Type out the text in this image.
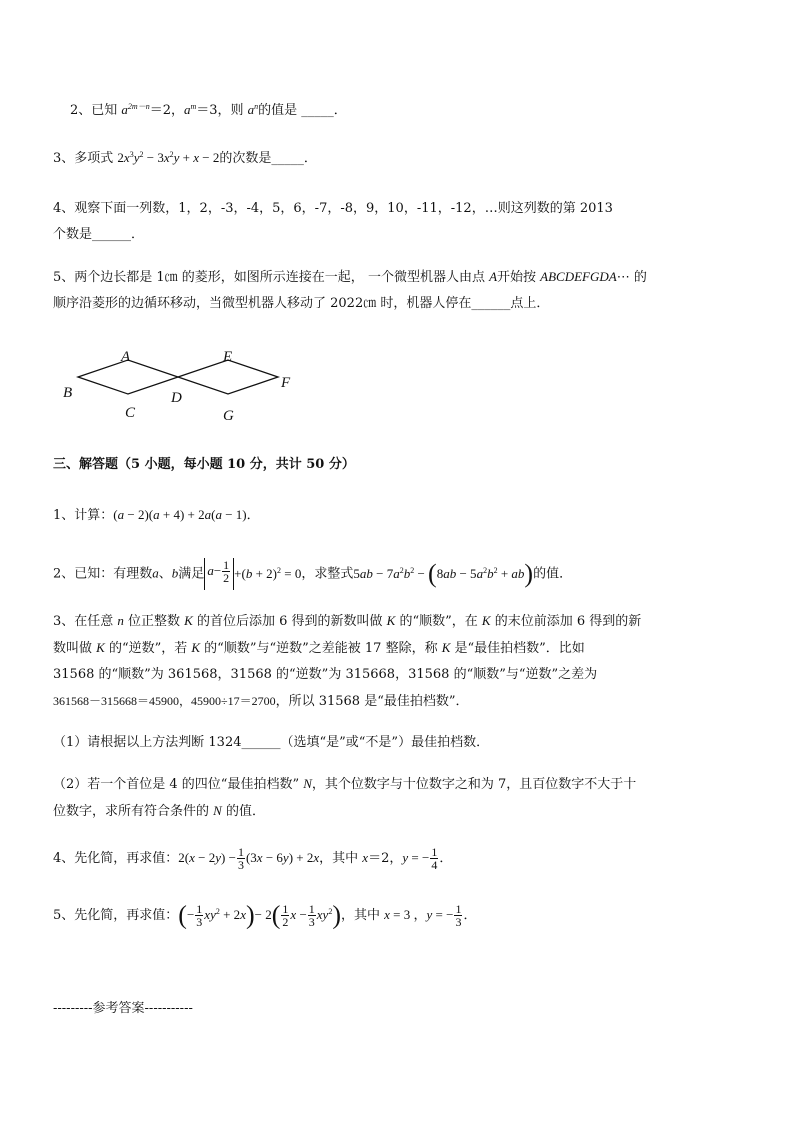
2、已知 $a^{2m-n}=2$，$a^m=3$，则 $a^n$的值是 _____．
3、多项式 $2x^3y^2 - 3x^2y + x - 2$的次数是_____．
4、观察下面一列数，1，2，-3，-4，5，6，-7，-8，9，10，-11，-12，…则这列数的第 2013
个数是______．
5、两个边长都是 1㎝ 的菱形，如图所示连接在一起， 一个微型机器人由点 A开始按 ABCDEFGDA⋯ 的
顺序沿菱形的边循环移动，当微型机器人移动了 2022㎝ 时，机器人停在______点上．
A
B
C
D
E
F
G
三、解答题（5 小题，每小题 10 分，共计 50 分）
1、计算：(a − 2)(a + 4) + 2a(a − 1)．
2、已知：有理数a、b满足 $a- \frac{1}{2} +(b + 2)^2 = 0$，求整式$5ab - 7a^2b^2 - (8ab - 5a^2b^2 + ab)$的值．
3、在任意 n 位正整数 K 的首位后添加 6 得到的新数叫做 K 的“顺数”，在 K 的末位前添加 6 得到的新
数叫做 K 的“逆数”，若 K 的“顺数”与“逆数”之差能被 17 整除，称 K 是“最佳拍档数”．比如
31568 的“顺数”为 361568，31568 的“逆数”为 315668，31568 的“顺数”与“逆数”之差为
361568－315668＝45900，45900÷17＝2700，所以 31568 是“最佳拍档数”．
（1）请根据以上方法判断 1324______（选填“是”或“不是”）最佳拍档数．
（2）若一个首位是 4 的四位“最佳拍档数” N，其个位数字与十位数字之和为 7，且百位数字不大于十
位数字，求所有符合条件的 N 的值．
4、先化简，再求值：$2(x - 2y) - \frac{1}{3} (3x - 6y) + 2x$，其中 x＝2，y = − $\frac{1}{4}$ ．
5、先化简，再求值：(− $\frac{1}{3} xy^2 + 2x)- 2( \frac{1}{2}$ $x - \frac{1}{3} xy^2$)，其中 x = 3 ，y = − $\frac{1}{3}$ ．
---------参考答案-----------
